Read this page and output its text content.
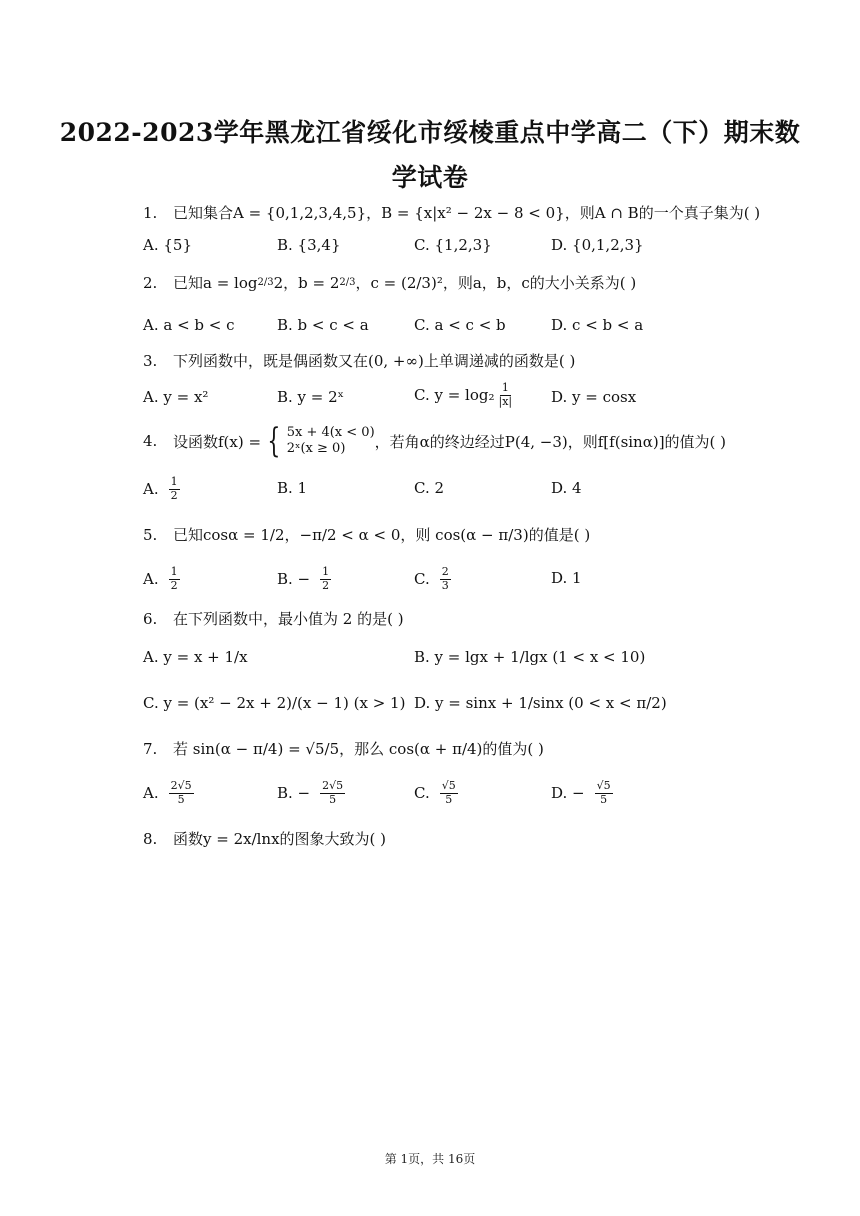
2022-2023学年黑龙江省绥化市绥棱重点中学高二（下）期末数
学试卷
1.	已知集合A = {0,1,2,3,4,5}，B = {x|x² − 2x − 8 < 0}，则A ∩ B的一个真子集为( )
A. {5}	B. {3,4}	C. {1,2,3}	D. {0,1,2,3}
2.	已知a = log 2/3 2，b = 2 2/3 ，c = (2/3)²，则a，b，c的大小关系为( )
A. a < b < c	B. b < c < a	C. a < c < b	D. c < b < a
3.	下列函数中，既是偶函数又在(0, +∞)上单调递减的函数是( )
A. y = x²	B. y = 2ˣ	C. $y = \log_2 \frac{1}{|x|} D$. y = cosx
4.	设函数f(x) = { 5x + 4(x < 0)
2ˣ(x ≥ 0)	，若角α的终边经过P(4, −3)，则f[f(sinα)]的值为( )
A. $\frac{1}{2}$	B. 1	C. 2	D. 4
5.	已知cosα = 1/2，−π/2 < α < 0，则 cos(α − π/3)的值是( )
A. $\frac{1}{2}$	B. − $\frac{1}{2}$	C. $\frac{2}{3}$	D. 1
6.	在下列函数中，最小值为 2 的是( )
A. y = x + 1/x	B. y = lgx + 1/lgx (1 < x < 10)
C. y = (x² − 2x + 2)/(x − 1) (x > 1) D. y = sinx + 1/sinx (0 < x < π/2)
7.	若 sin(α − π/4) = √5/5，那么 cos(α + π/4)的值为( )
A. $\frac{2√5}{5}$	B. − $\frac{2√5}{5}$	C. $\frac{√5}{5}$	D. − $\frac{√5}{5}$
8.	函数y = 2x/lnx的图象大致为( )
第 1页，共 16页
